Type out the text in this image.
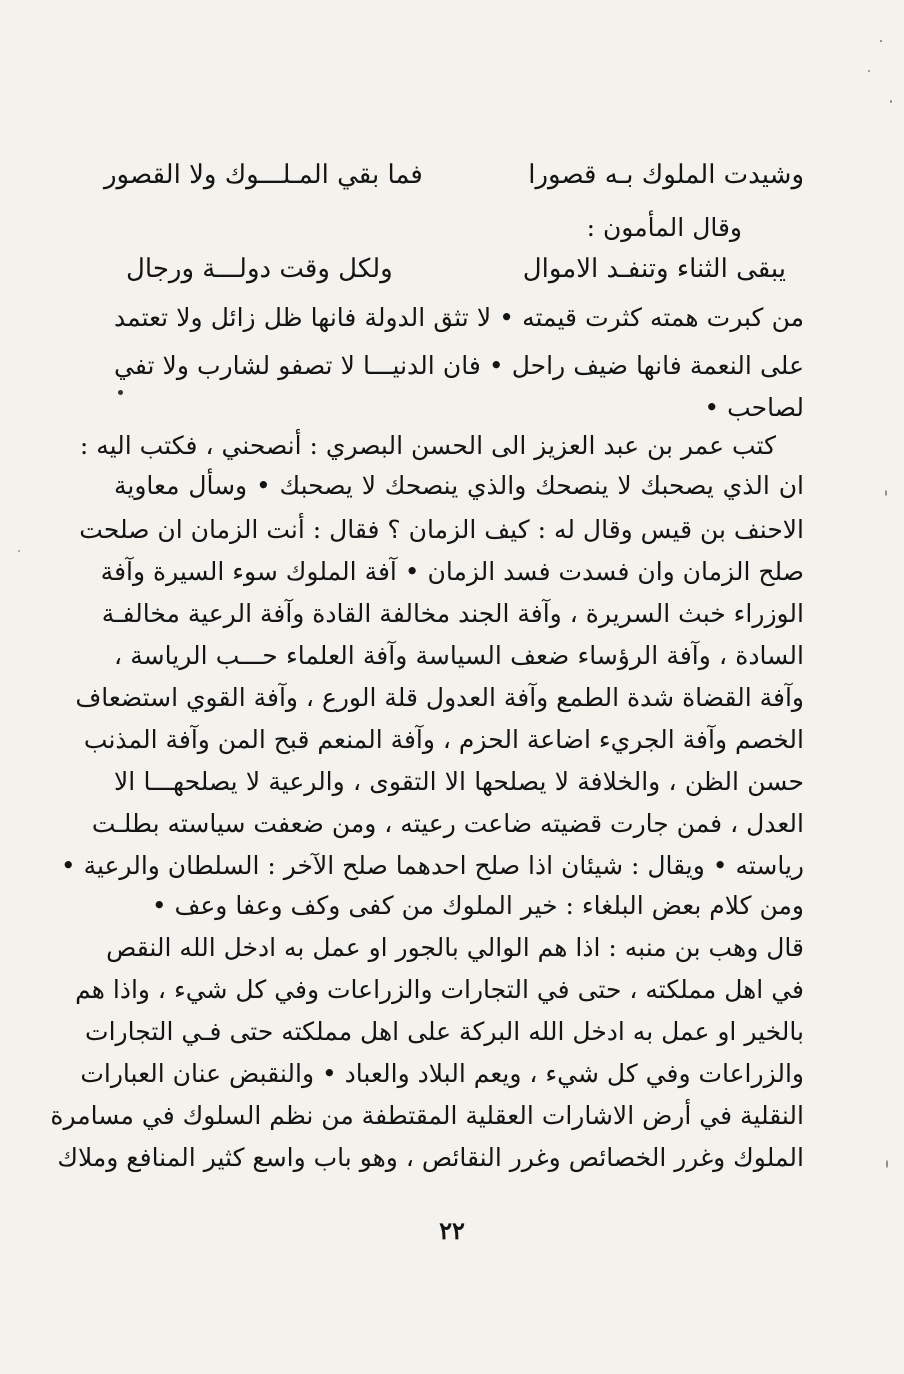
وشيدت الملوك بـه قصورا
فما بقي المـلـــوك ولا القصور
وقال المأمون :
يبقى الثناء وتنفـد الاموال
ولكل وقت دولـــة ورجال
من كبرت همته كثرت قيمته • لا تثق الدولة فانها ظل زائل ولا تعتمد
على النعمة فانها ضيف راحل • فان الدنيـــا لا تصفو لشارب ولا تفي
لصاحب •
كتب عمر بن عبد العزيز الى الحسن البصري : أنصحني ، فكتب اليه :
ان الذي يصحبك لا ينصحك والذي ينصحك لا يصحبك • وسأل معاوية
الاحنف بن قيس وقال له : كيف الزمان ؟ فقال : أنت الزمان ان صلحت
صلح الزمان وان فسدت فسد الزمان • آفة الملوك سوء السيرة وآفة
الوزراء خبث السريرة ، وآفة الجند مخالفة القادة وآفة الرعية مخالفـة
السادة ، وآفة الرؤساء ضعف السياسة وآفة العلماء حـــب الرياسة ،
وآفة القضاة شدة الطمع وآفة العدول قلة الورع ، وآفة القوي استضعاف
الخصم وآفة الجريء اضاعة الحزم ، وآفة المنعم قبح المن وآفة المذنب
حسن الظن ، والخلافة لا يصلحها الا التقوى ، والرعية لا يصلحهـــا الا
العدل ، فمن جارت قضيته ضاعت رعيته ، ومن ضعفت سياسته بطلـت
رياسته • ويقال : شيئان اذا صلح احدهما صلح الآخر : السلطان والرعية •
ومن كلام بعض البلغاء : خير الملوك من كفى وكف وعفا وعف •
قال وهب بن منبه : اذا هم الوالي بالجور او عمل به ادخل الله النقص
في اهل مملكته ، حتى في التجارات والزراعات وفي كل شيء ، واذا هم
بالخير او عمل به ادخل الله البركة على اهل مملكته حتى فـي التجارات
والزراعات وفي كل شيء ، ويعم البلاد والعباد • والنقبض عنان العبارات
النقلية في أرض الاشارات العقلية المقتطفة من نظم السلوك في مسامرة
الملوك وغرر الخصائص وغرر النقائص ، وهو باب واسع كثير المنافع وملاك
٢٢
